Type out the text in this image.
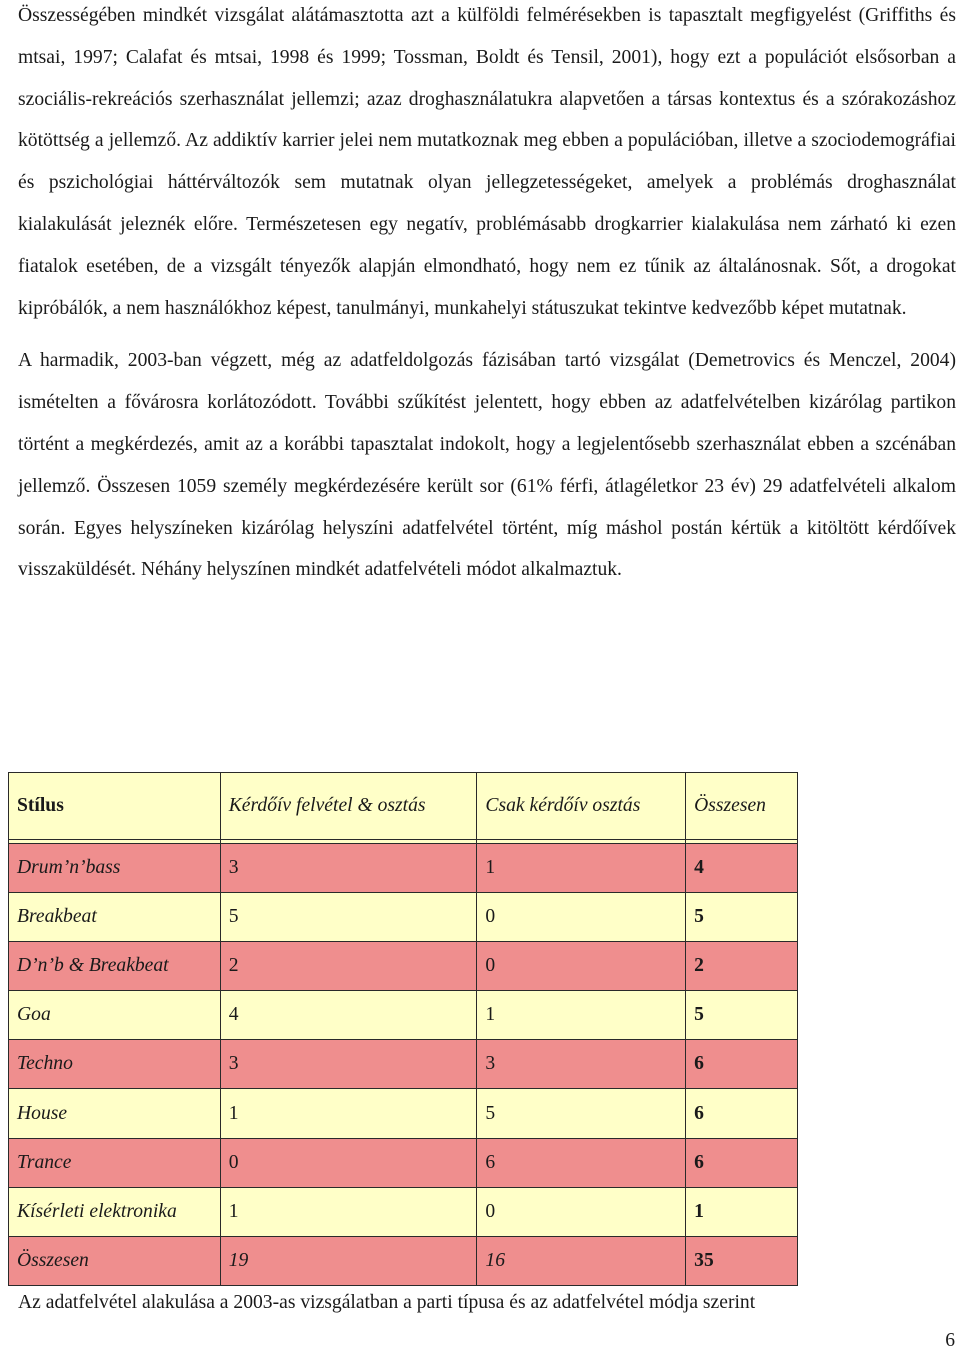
Összességében mindkét vizsgálat alátámasztotta azt a külföldi felmérésekben is tapasztalt megfigyelést (Griffiths és mtsai, 1997; Calafat és mtsai, 1998 és 1999; Tossman, Boldt és Tensil, 2001), hogy ezt a populációt elsősorban a szociális-rekreációs szerhasználat jellemzi; azaz droghasználatukra alapvetően a társas kontextus és a szórakozáshoz kötöttség a jellemző. Az addiktív karrier jelei nem mutatkoznak meg ebben a populációban, illetve a szociodemográfiai és pszichológiai háttérváltozók sem mutatnak olyan jellegzetességeket, amelyek a problémás droghasználat kialakulását jeleznék előre. Természetesen egy negatív, problémásabb drogkarrier kialakulása nem zárható ki ezen fiatalok esetében, de a vizsgált tényezők alapján elmondható, hogy nem ez tűnik az általánosnak. Sőt, a drogokat kipróbálók, a nem használókhoz képest, tanulmányi, munkahelyi státuszukat tekintve kedvezőbb képet mutatnak.

A harmadik, 2003-ban végzett, még az adatfeldolgozás fázisában tartó vizsgálat (Demetrovics és Menczel, 2004) ismételten a fővárosra korlátozódott. További szűkítést jelentett, hogy ebben az adatfelvételben kizárólag partikon történt a megkérdezés, amit az a korábbi tapasztalat indokolt, hogy a legjelentősebb szerhasználat ebben a szcénában jellemző. Összesen 1059 személy megkérdezésére került sor (61% férfi, átlagéletkor 23 év) 29 adatfelvételi alkalom során. Egyes helyszíneken kizárólag helyszíni adatfelvétel történt, míg máshol postán kértük a kitöltött kérdőívek visszaküldését. Néhány helyszínen mindkét adatfelvételi módot alkalmaztuk.

Stílus	Kérdőív felvétel & osztás	Csak kérdőív osztás	Összesen

Drum’n’bass	3	1	4
Breakbeat	5	0	5
D’n’b & Breakbeat	2	0	2
Goa	4	1	5
Techno	3	3	6
House	1	5	6
Trance	0	6	6
Kísérleti elektronika	1	0	1
Összesen	19	16	35

Az adatfelvétel alakulása a 2003-as vizsgálatban a parti típusa és az adatfelvétel módja szerint

6
